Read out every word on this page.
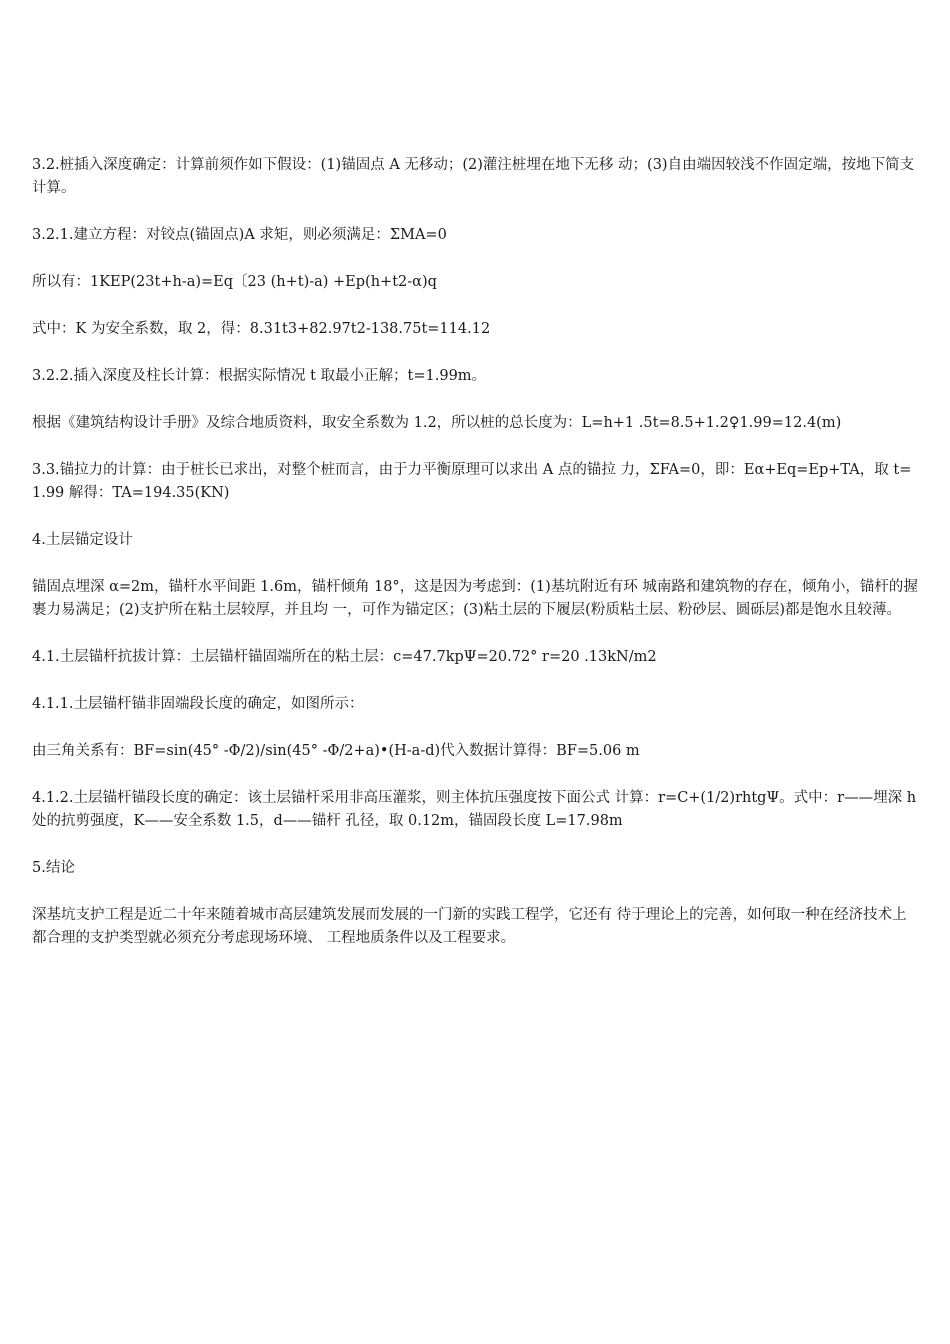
3.2.桩插入深度确定：计算前须作如下假设：(1)锚固点 A 无移动；(2)灌注桩埋在地下无移 动；(3)自由端因较浅不作固定端，按地下简支计算。

3.2.1.建立方程：对铰点(锚固点)A 求矩，则必须满足：ΣMA=0

所以有：1KEP(23t+h-a)=Eq〔23 (h+t)-a) +Ep(h+t2-α)q

式中：K 为安全系数，取 2，得：8.31t3+82.97t2-138.75t=114.12

3.2.2.插入深度及柱长计算：根据实际情况 t 取最小正解；t=1.99m。

根据《建筑结构设计手册》及综合地质资料，取安全系数为 1.2，所以桩的总长度为：L=h+1 .5t=8.5+1.2♀1.99=12.4(m)

3.3.锚拉力的计算：由于桩长已求出，对整个桩而言，由于力平衡原理可以求出 A 点的锚拉 力，ΣFA=0，即：Eα+Eq=Ep+TA，取 t=1.99 解得：TA=194.35(KN)

4.土层锚定设计

锚固点埋深 α=2m，锚杆水平间距 1.6m，锚杆倾角 18°，这是因为考虑到：(1)基坑附近有环 城南路和建筑物的存在，倾角小，锚杆的握裹力易满足；(2)支护所在粘土层较厚，并且均 一，可作为锚定区；(3)粘土层的下履层(粉质粘土层、粉砂层、圆砾层)都是饱水且较薄。

4.1.土层锚杆抗拔计算：土层锚杆锚固端所在的粘土层：c=47.7kpΨ=20.72° r=20 .13kN/m2

4.1.1.土层锚杆锚非固端段长度的确定，如图所示：

由三角关系有：BF=sin(45° -Φ/2)/sin(45° -Φ/2+a)•(H-a-d)代入数据计算得：BF=5.06 m

4.1.2.土层锚杆锚段长度的确定：该土层锚杆采用非高压灌浆，则主体抗压强度按下面公式 计算：r=C+(1/2)rhtgΨ。式中：r——埋深 h 处的抗剪强度，K——安全系数 1.5，d——锚杆 孔径，取 0.12m，锚固段长度 L=17.98m

5.结论

深基坑支护工程是近二十年来随着城市高层建筑发展而发展的一门新的实践工程学，它还有 待于理论上的完善，如何取一种在经济技术上都合理的支护类型就必须充分考虑现场环境、 工程地质条件以及工程要求。
